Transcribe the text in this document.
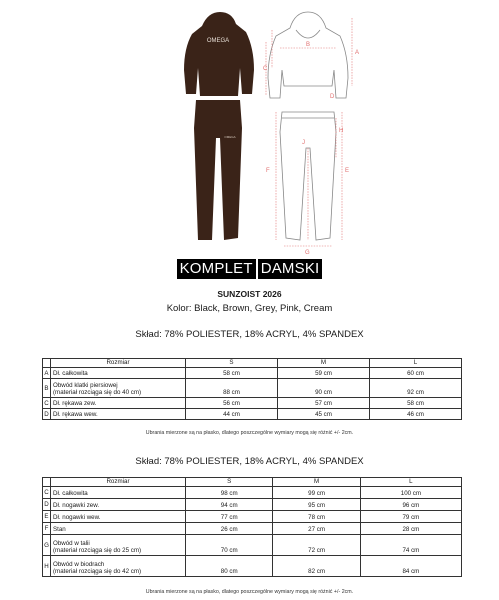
OMEGA
OMEGA
A
B
C
D
E
F
G
H
J
KOMPLET DAMSKI
SUNZOIST 2026
Kolor: Black, Brown, Grey, Pink, Cream
Skład: 78% POLIESTER, 18% ACRYL, 4% SPANDEX
	Rozmiar	S	M	L
A	Dł. całkowita	58 cm	59 cm	60 cm
B	Obwód klatki piersiowej
(materiał rozciąga się do 40 cm)	88 cm	90 cm	92 cm
C	Dł. rękawa zew.	56 cm	57 cm	58 cm
D	Dł. rękawa wew.	44 cm	45 cm	46 cm
Ubrania mierzone są na płasko, dlatego poszczególne wymiary mogą się różnić +/- 2cm.
Skład: 78% POLIESTER, 18% ACRYL, 4% SPANDEX
	Rozmiar	S	M	L
C	Dł. całkowita	98 cm	99 cm	100 cm
D	Dł. nogawki zew.	94 cm	95 cm	96 cm
E	Dł. nogawki wew.	77 cm	78 cm	79 cm
F	Stan	26 cm	27 cm	28 cm
G	Obwód w talii
(materiał rozciąga się do 25 cm)	70 cm	72 cm	74 cm
H	Obwód w biodrach
(materiał rozciąga się do 42 cm)	80 cm	82 cm	84 cm
Ubrania mierzone są na płasko, dlatego poszczególne wymiary mogą się różnić +/- 2cm.
